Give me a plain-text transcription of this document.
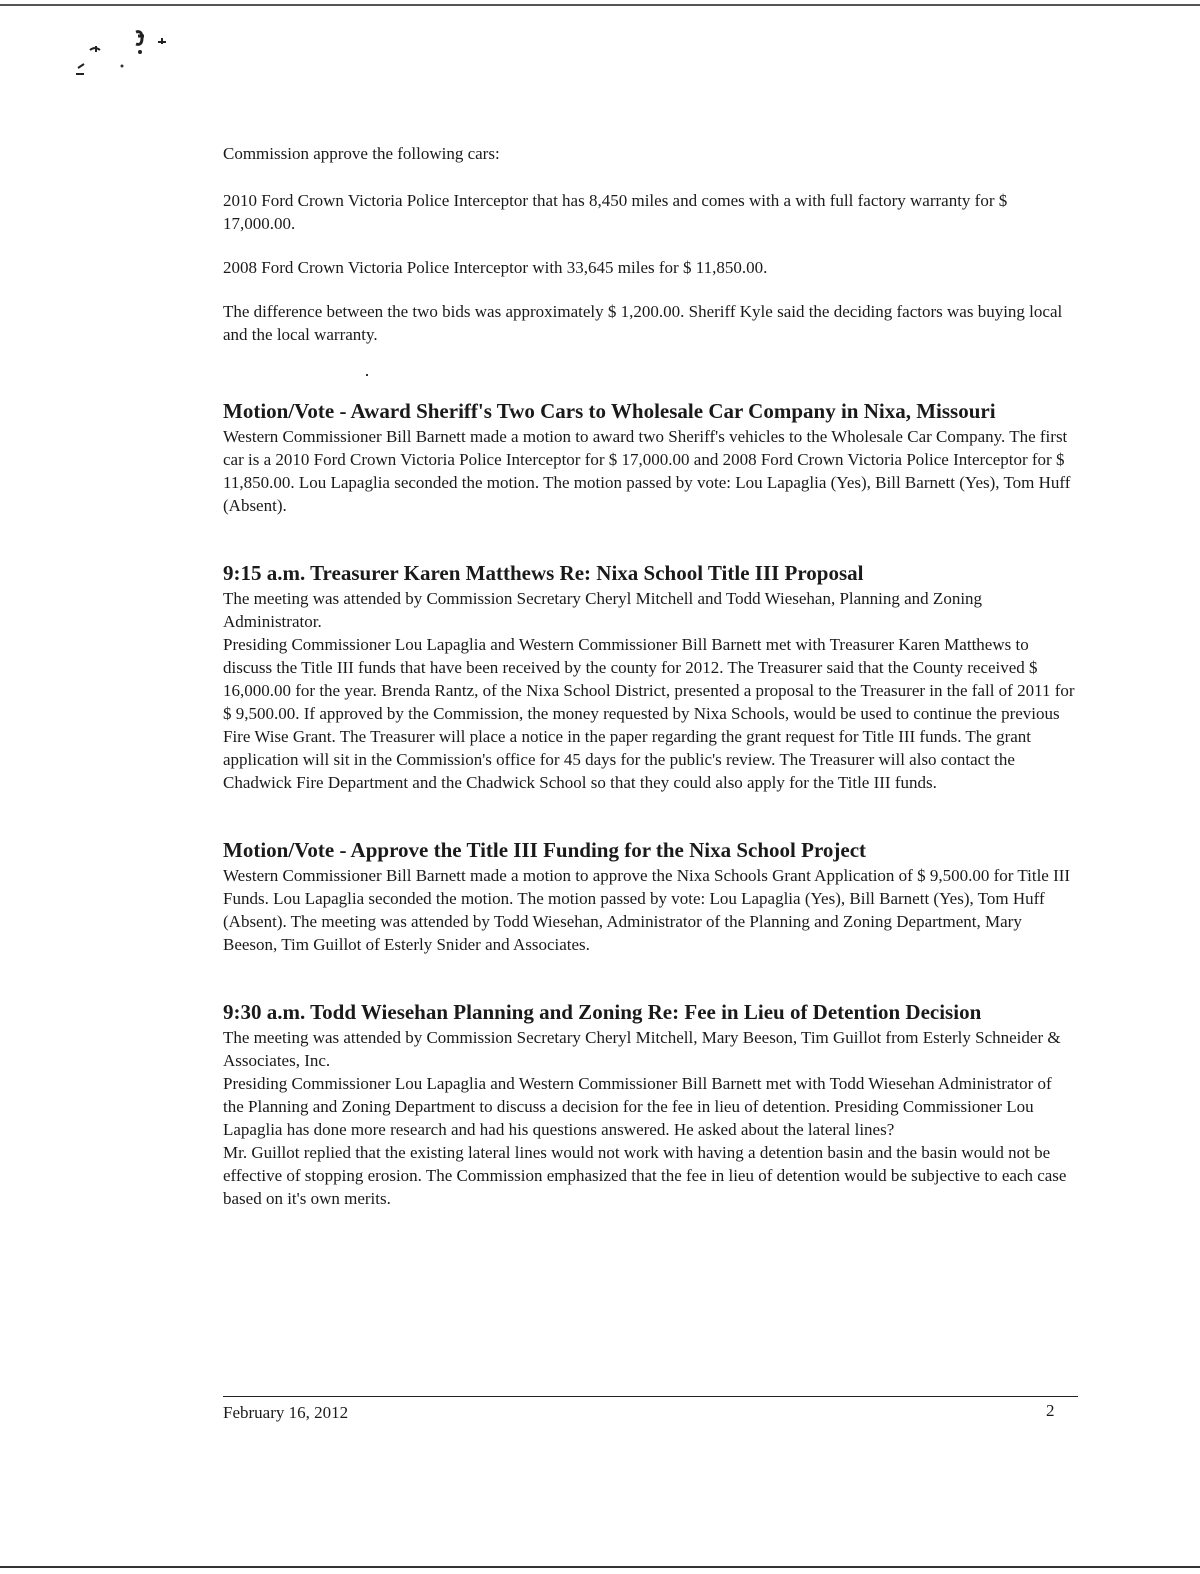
Commission approve the following cars:

2010 Ford Crown Victoria Police Interceptor that has 8,450 miles and comes with a with full factory warranty for $ 17,000.00.

2008 Ford Crown Victoria Police Interceptor with 33,645 miles for $ 11,850.00.

The difference between the two bids was approximately $ 1,200.00. Sheriff Kyle said the deciding factors was buying local and the local warranty.

Motion/Vote - Award Sheriff's Two Cars to Wholesale Car Company in Nixa, Missouri

Western Commissioner Bill Barnett made a motion to award two Sheriff's vehicles to the Wholesale Car Company. The first car is a 2010 Ford Crown Victoria Police Interceptor for $ 17,000.00 and 2008 Ford Crown Victoria Police Interceptor for $ 11,850.00. Lou Lapaglia seconded the motion. The motion passed by vote: Lou Lapaglia (Yes), Bill Barnett (Yes), Tom Huff (Absent).

9:15 a.m. Treasurer Karen Matthews Re: Nixa School Title III Proposal

The meeting was attended by Commission Secretary Cheryl Mitchell and Todd Wiesehan, Planning and Zoning Administrator.

Presiding Commissioner Lou Lapaglia and Western Commissioner Bill Barnett met with Treasurer Karen Matthews to discuss the Title III funds that have been received by the county for 2012. The Treasurer said that the County received $ 16,000.00 for the year. Brenda Rantz, of the Nixa School District, presented a proposal to the Treasurer in the fall of 2011 for $ 9,500.00. If approved by the Commission, the money requested by Nixa Schools, would be used to continue the previous Fire Wise Grant. The Treasurer will place a notice in the paper regarding the grant request for Title III funds. The grant application will sit in the Commission's office for 45 days for the public's review. The Treasurer will also contact the Chadwick Fire Department and the Chadwick School so that they could also apply for the Title III funds.

Motion/Vote - Approve the Title III Funding for the Nixa School Project

Western Commissioner Bill Barnett made a motion to approve the Nixa Schools Grant Application of $ 9,500.00 for Title III Funds. Lou Lapaglia seconded the motion. The motion passed by vote: Lou Lapaglia (Yes), Bill Barnett (Yes), Tom Huff (Absent). The meeting was attended by Todd Wiesehan, Administrator of the Planning and Zoning Department, Mary Beeson, Tim Guillot of Esterly Snider and Associates.

9:30 a.m. Todd Wiesehan Planning and Zoning Re: Fee in Lieu of Detention Decision

The meeting was attended by Commission Secretary Cheryl Mitchell, Mary Beeson, Tim Guillot from Esterly Schneider & Associates, Inc.

Presiding Commissioner Lou Lapaglia and Western Commissioner Bill Barnett met with Todd Wiesehan Administrator of the Planning and Zoning Department to discuss a decision for the fee in lieu of detention. Presiding Commissioner Lou Lapaglia has done more research and had his questions answered. He asked about the lateral lines?

Mr. Guillot replied that the existing lateral lines would not work with having a detention basin and the basin would not be effective of stopping erosion. The Commission emphasized that the fee in lieu of detention would be subjective to each case based on it's own merits.

February 16, 2012	2
